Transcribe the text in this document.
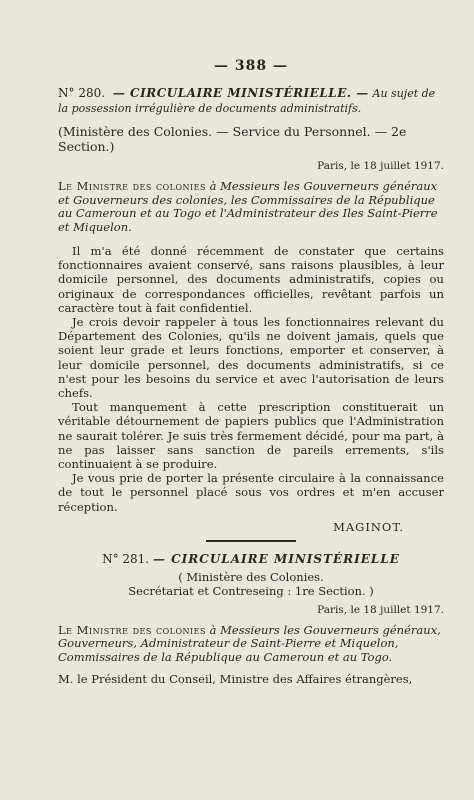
— 388 —
N° 280. — CIRCULAIRE MINISTÉRIELLE. — Au sujet de la possession irrégulière de documents administratifs.
(Ministère des Colonies. — Service du Personnel. — 2e Section.)
Paris, le 18 juillet 1917.
Le Ministre des colonies à Messieurs les Gouverneurs généraux et Gouverneurs des colonies, les Commissaires de la République au Cameroun et au Togo et l'Administrateur des Iles Saint-Pierre et Miquelon.

Il m'a été donné récemment de constater que certains fonctionnaires avaient conservé, sans raisons plausibles, à leur domicile personnel, des documents administratifs, copies ou originaux de correspondances officielles, revêtant parfois un caractère tout à fait confidentiel.

Je crois devoir rappeler à tous les fonctionnaires relevant du Département des Colonies, qu'ils ne doivent jamais, quels que soient leur grade et leurs fonctions, emporter et conserver, à leur domicile personnel, des documents administratifs, si ce n'est pour les besoins du service et avec l'autorisation de leurs chefs.

Tout manquement à cette prescription constituerait un véritable détournement de papiers publics que l'Administration ne saurait tolérer. Je suis très fermement décidé, pour ma part, à ne pas laisser sans sanction de pareils errements, s'ils continuaient à se produire.

Je vous prie de porter la présente circulaire à la connaissance de tout le personnel placé sous vos ordres et m'en accuser réception.

MAGINOT.
N° 281. — CIRCULAIRE MINISTÉRIELLE
( Ministère des Colonies.
Secrétariat et Contreseing : 1re Section. )
Paris, le 18 juillet 1917.
Le Ministre des colonies à Messieurs les Gouverneurs généraux, Gouverneurs, Administrateur de Saint-Pierre et Miquelon, Commissaires de la République au Cameroun et au Togo.
M. le Président du Conseil, Ministre des Affaires étrangères,
